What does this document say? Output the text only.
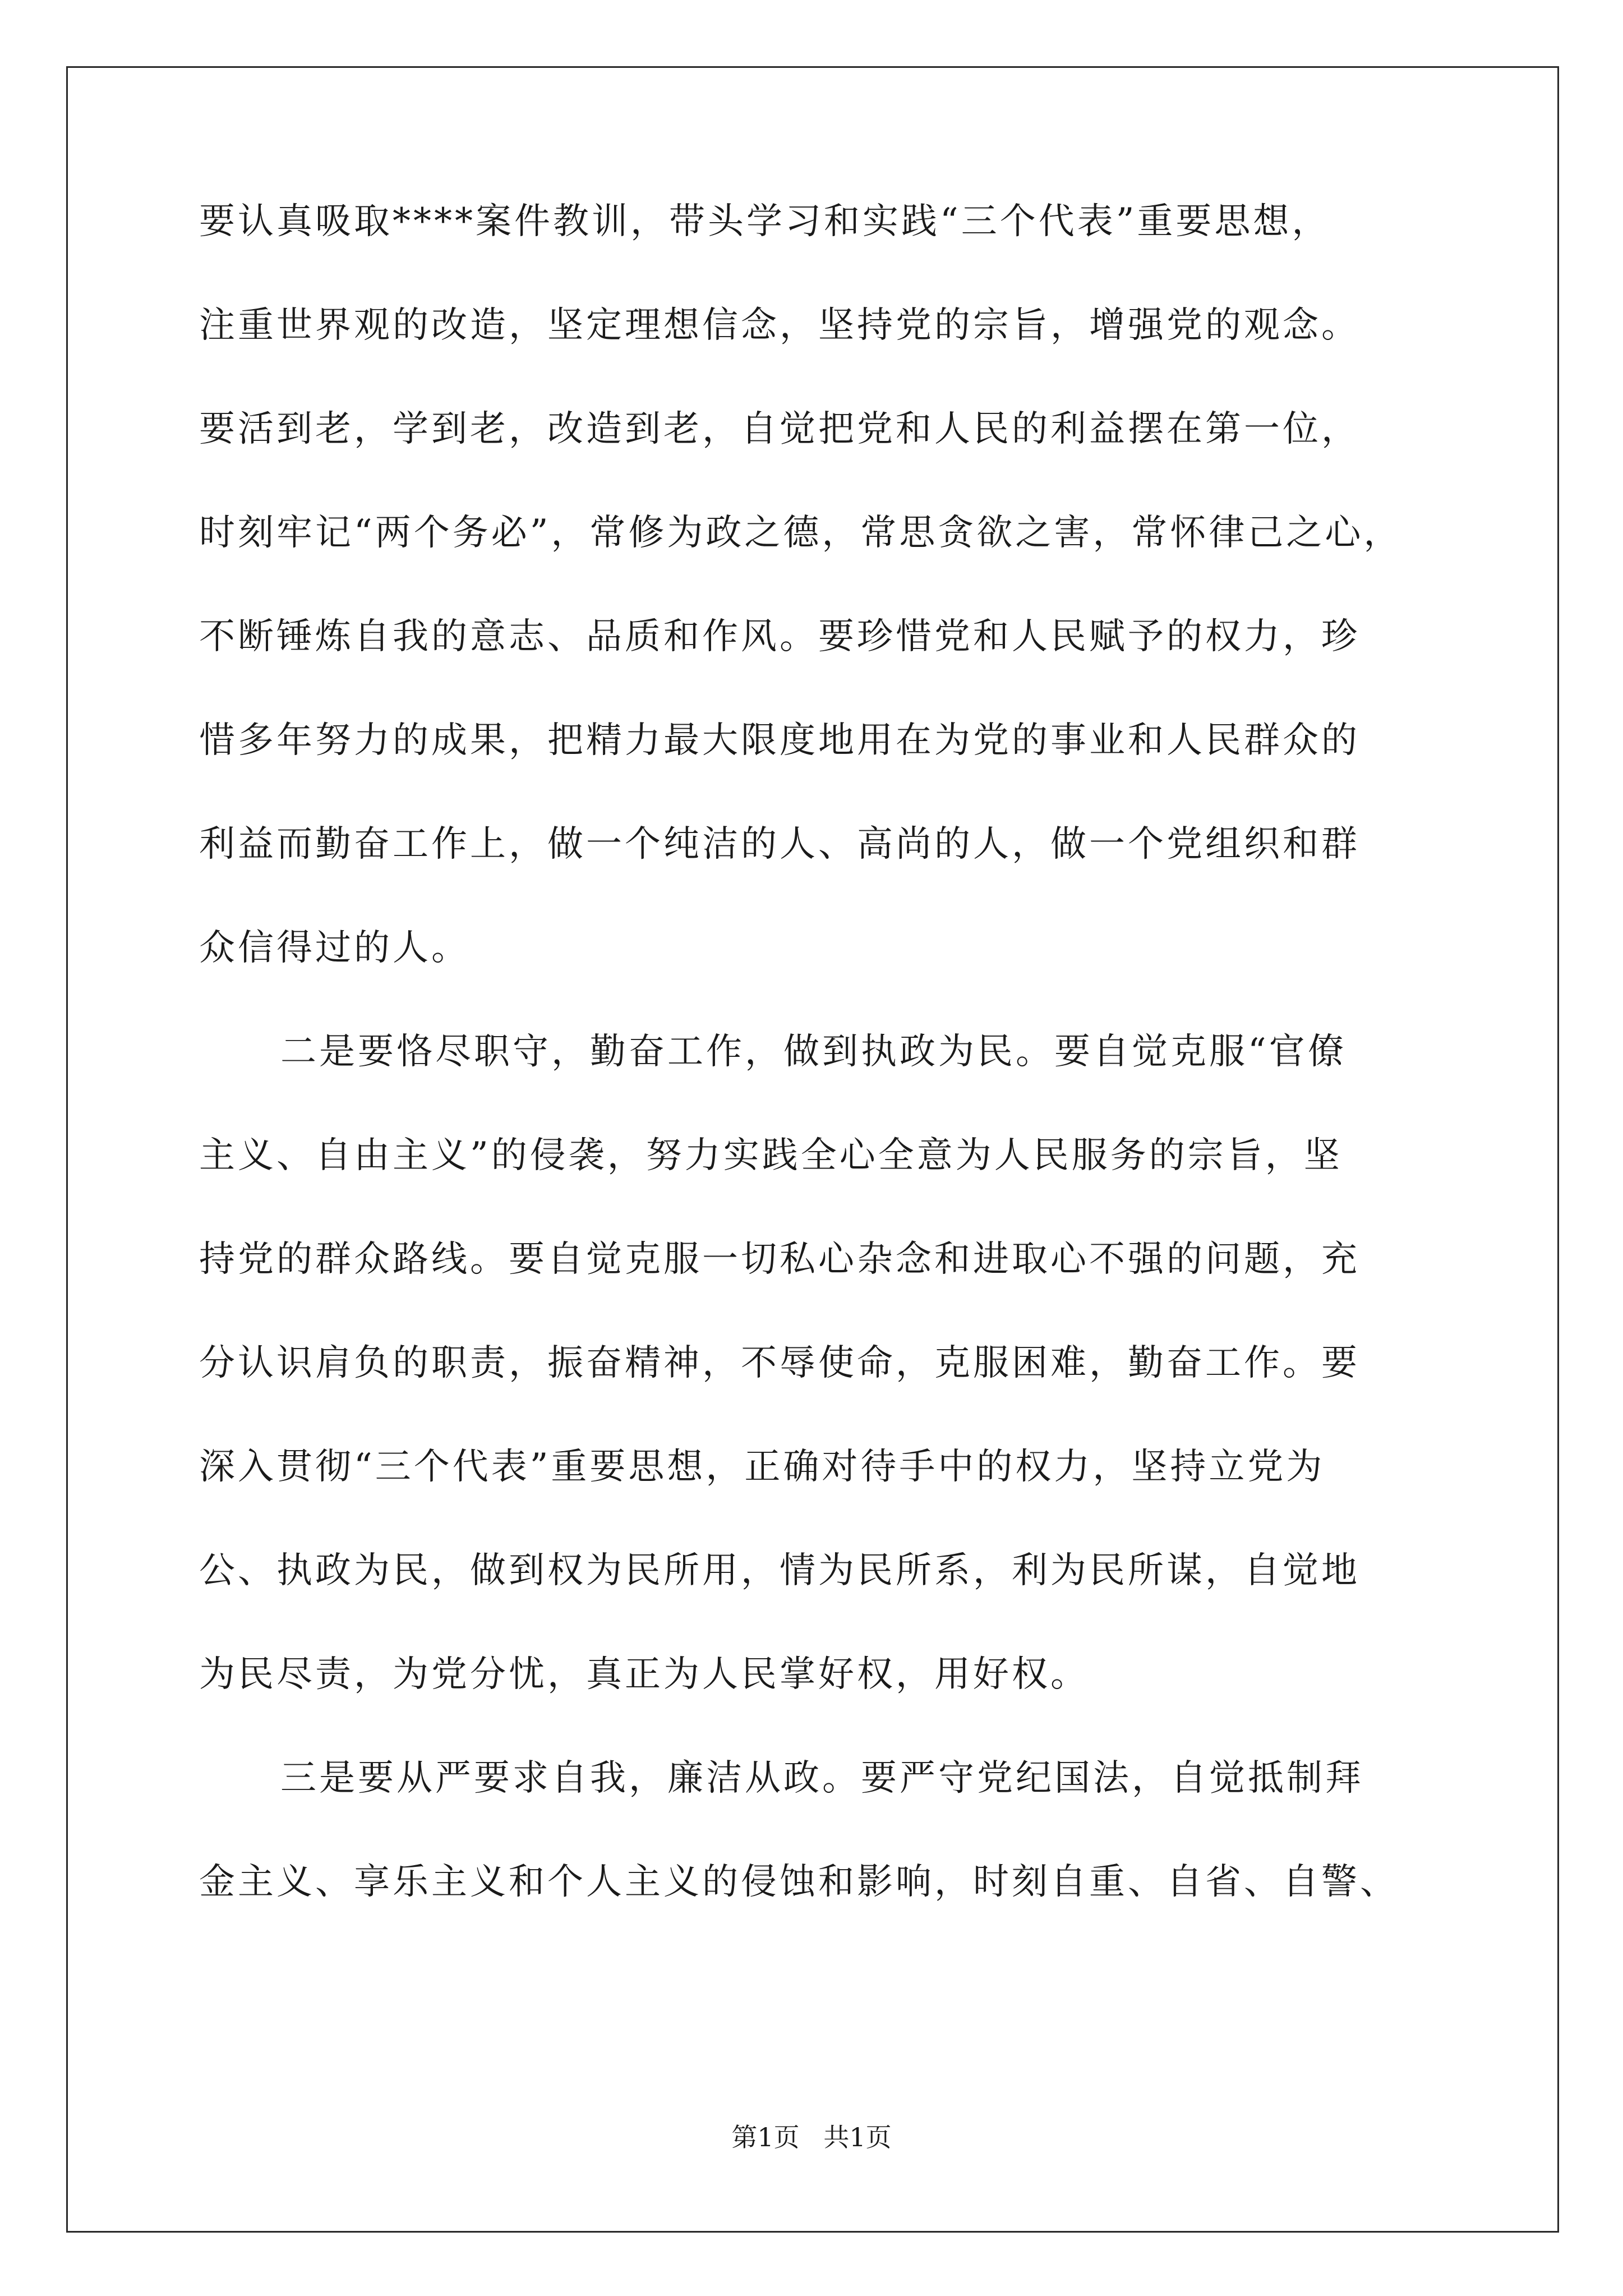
要认真吸取****案件教训，带头学习和实践“三个代表”重要思想，
注重世界观的改造，坚定理想信念，坚持党的宗旨，增强党的观念。
要活到老，学到老，改造到老，自觉把党和人民的利益摆在第一位，
时刻牢记“两个务必”，常修为政之德，常思贪欲之害，常怀律己之心，
不断锤炼自我的意志、品质和作风。要珍惜党和人民赋予的权力，珍
惜多年努力的成果，把精力最大限度地用在为党的事业和人民群众的
利益而勤奋工作上，做一个纯洁的人、高尚的人，做一个党组织和群
众信得过的人。
二是要恪尽职守，勤奋工作，做到执政为民。要自觉克服“官僚
主义、自由主义”的侵袭，努力实践全心全意为人民服务的宗旨，坚
持党的群众路线。要自觉克服一切私心杂念和进取心不强的问题，充
分认识肩负的职责，振奋精神，不辱使命，克服困难，勤奋工作。要
深入贯彻“三个代表”重要思想，正确对待手中的权力，坚持立党为
公、执政为民，做到权为民所用，情为民所系，利为民所谋，自觉地
为民尽责，为党分忧，真正为人民掌好权，用好权。
三是要从严要求自我，廉洁从政。要严守党纪国法，自觉抵制拜
金主义、享乐主义和个人主义的侵蚀和影响，时刻自重、自省、自警、
第1页 共1页
